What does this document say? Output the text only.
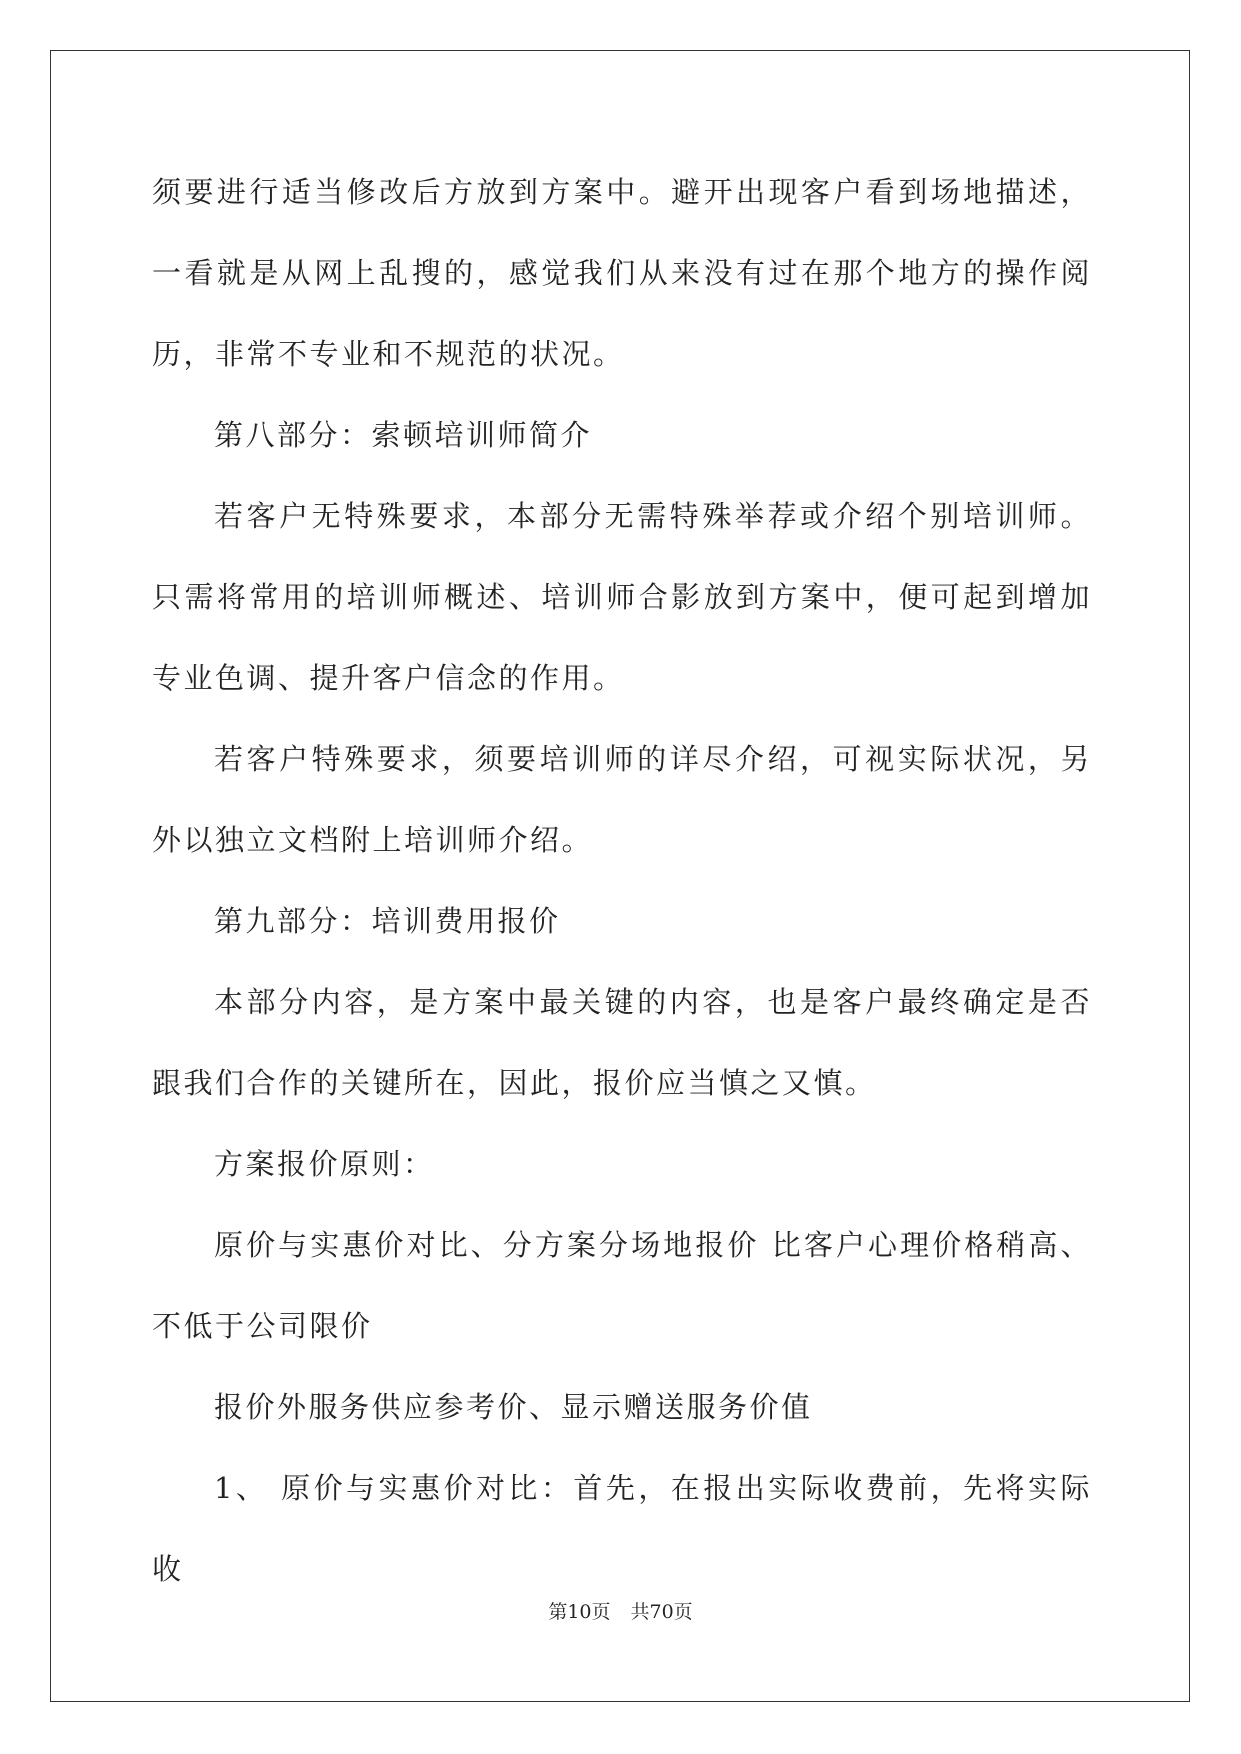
须要进行适当修改后方放到方案中。避开出现客户看到场地描述，一看就是从网上乱搜的，感觉我们从来没有过在那个地方的操作阅历，非常不专业和不规范的状况。

第八部分：索顿培训师简介

若客户无特殊要求，本部分无需特殊举荐或介绍个别培训师。只需将常用的培训师概述、培训师合影放到方案中，便可起到增加专业色调、提升客户信念的作用。

若客户特殊要求，须要培训师的详尽介绍，可视实际状况，另外以独立文档附上培训师介绍。

第九部分：培训费用报价

本部分内容，是方案中最关键的内容，也是客户最终确定是否跟我们合作的关键所在，因此，报价应当慎之又慎。

方案报价原则：

原价与实惠价对比、分方案分场地报价 比客户心理价格稍高、不低于公司限价

报价外服务供应参考价、显示赠送服务价值

1、 原价与实惠价对比：首先，在报出实际收费前，先将实际收

第10页 共70页
